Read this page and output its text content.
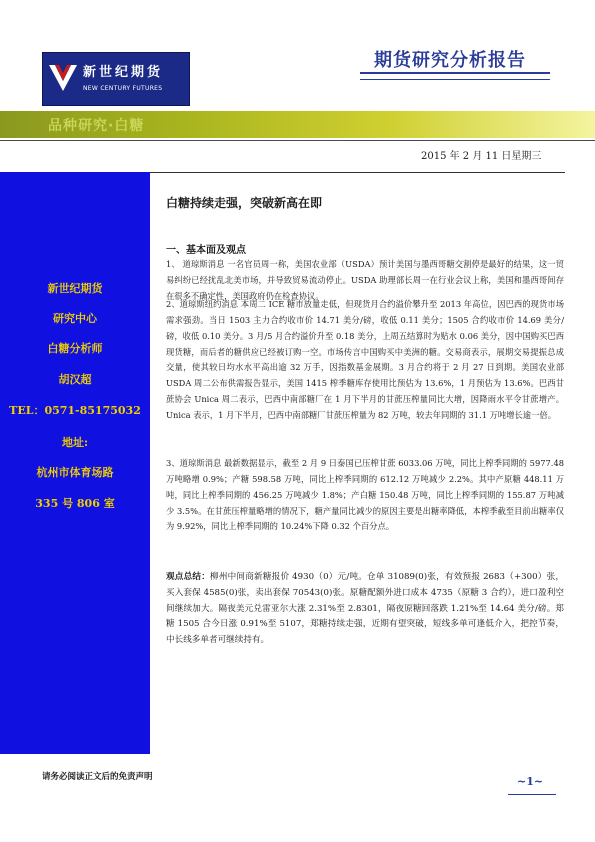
新世纪期货
NEW CENTURY FUTURES
期货研究分析报告
品种研究·白糖
2015 年 2 月 11 日星期三
新世纪期货
研究中心
白糖分析师
胡汉超
TEL：0571-85175032
地址:
杭州市体育场路
335 号 806 室
白糖持续走强，突破新高在即
一、基本面及观点

1、 道琼斯消息 一名官员周一称，美国农业部（USDA）预计美国与墨西哥糖交割停是最好的结果，这一贸易纠纷已经扰乱北美市场，并导致贸易流动停止。USDA 助理部长周一在行业会议上称，美国和墨西哥间存在很多不确定性，美国政府仍在检查协议。

2、道琼斯纽约消息 本周二 ICE 糖市放量走低，但现货月合约溢价攀升至 2013 年高位，因巴西的现货市场需求强劲。当日 1503 主力合约收市价 14.71 美分/磅，收低 0.11 美分；1505 合约收市价 14.69 美分/磅，收低 0.10 美分。3 月/5 月合约溢价升至 0.18 美分，上周五结算时为贴水 0.06 美分，因中国购买巴西现货糖，而后者的糖供应已经被订购一空。市场传言中国购买中美洲的糖。交易商表示，展期交易提振总成交量，使其较日均水水平高出逾 32 万手，因指数基金展期。3 月合约将于 2 月 27 日到期。美国农业部 USDA 周二公布供需报告显示，美国 1415 榨季糖库存使用比预估为 13.6%，1 月预估为 13.6%。巴西甘蔗协会 Unica 周二表示，巴西中南部糖厂在 1 月下半月的甘蔗压榨量同比大增，因降雨水平令甘蔗增产。Unica 表示，1 月下半月，巴西中南部糖厂甘蔗压榨量为 82 万吨，较去年同期的 31.1 万吨增长逾一倍。

3、道琼斯消息 最新数据显示，截至 2 月 9 日泰国已压榨甘蔗 6033.06 万吨，同比上榨季同期的 5977.48 万吨略增 0.9%；产糖 598.58 万吨，同比上榨季同期的 612.12 万吨减少 2.2%。其中产原糖 448.11 万吨，同比上榨季同期的 456.25 万吨减少 1.8%；产白糖 150.48 万吨，同比上榨季同期的 155.87 万吨减少 3.5%。在甘蔗压榨量略增的情况下，糖产量同比减少的原因主要是出糖率降低，本榨季截至目前出糖率仅为 9.92%，同比上榨季同期的 10.24%下降 0.32 个百分点。

观点总结：柳州中间商新糖报价 4930（0）元/吨。仓单 31089(0)张，有效预报 2683（+300）张，买入套保 4585(0)张，卖出套保 70543(0)张。原糖配额外进口成本 4735（原糖 3 合约），进口盈利空间继续加大。隔夜美元兑雷亚尔大涨 2.31%至 2.8301，隔夜原糖回落跌 1.21%至 14.64 美分/磅。郑糖 1505 合今日涨 0.91%至 5107，郑糖持续走强，近期有望突破，短线多单可逢低介入，把控节奏，中长线多单者可继续持有。
请务必阅读正文后的免责声明	~1~
